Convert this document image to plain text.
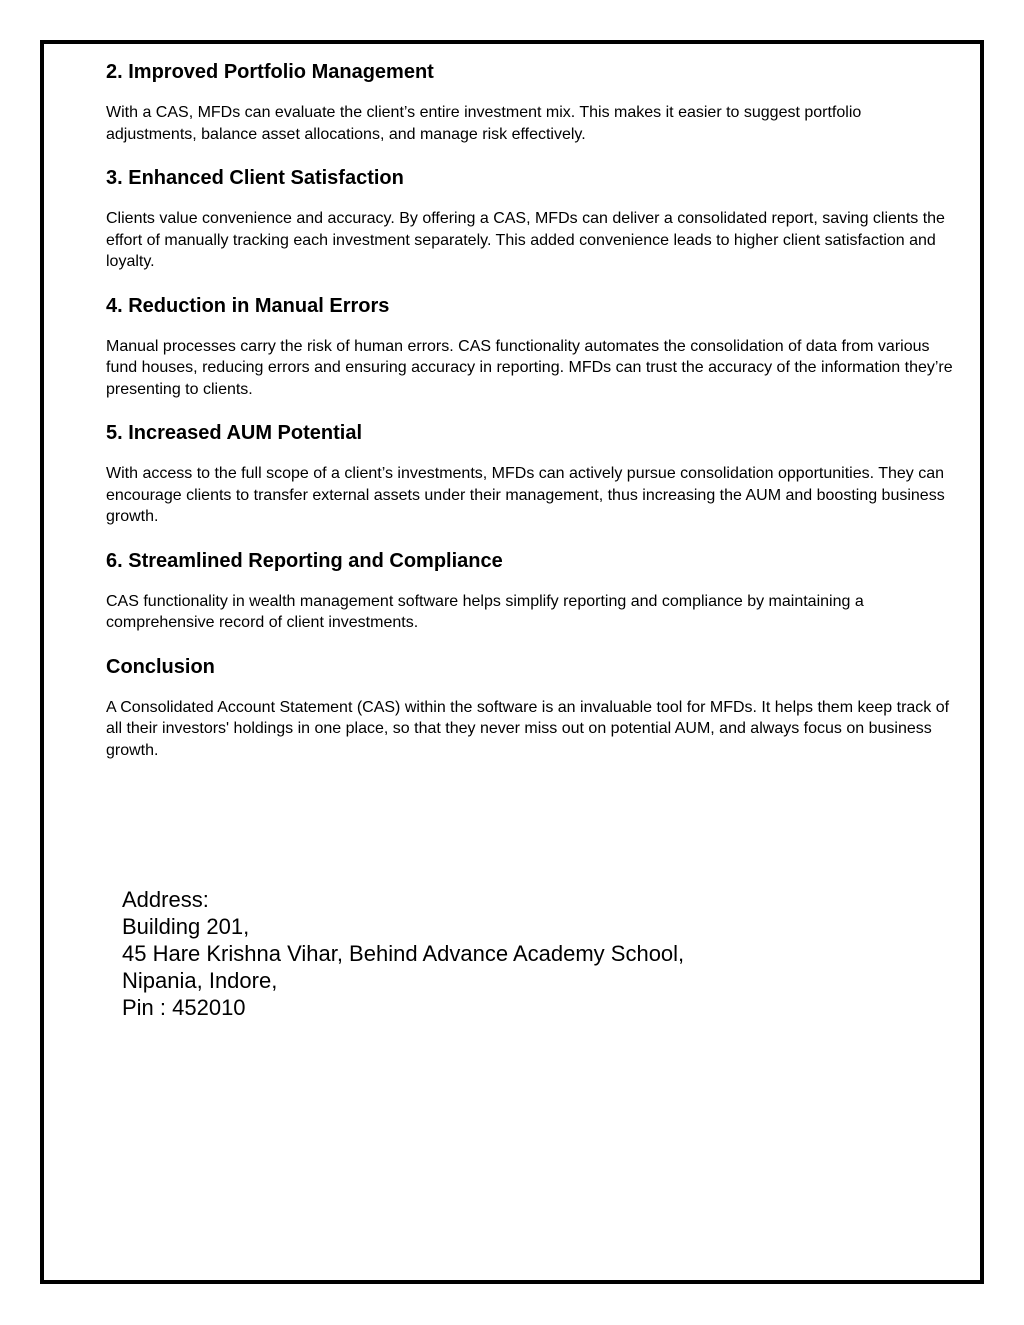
2. Improved Portfolio Management

With a CAS, MFDs can evaluate the client’s entire investment mix. This makes it easier to suggest portfolio adjustments, balance asset allocations, and manage risk effectively.

3. Enhanced Client Satisfaction

Clients value convenience and accuracy. By offering a CAS, MFDs can deliver a consolidated report, saving clients the effort of manually tracking each investment separately. This added convenience leads to higher client satisfaction and loyalty.

4. Reduction in Manual Errors

Manual processes carry the risk of human errors. CAS functionality automates the consolidation of data from various fund houses, reducing errors and ensuring accuracy in reporting. MFDs can trust the accuracy of the information they’re presenting to clients.

5. Increased AUM Potential

With access to the full scope of a client’s investments, MFDs can actively pursue consolidation opportunities. They can encourage clients to transfer external assets under their management, thus increasing the AUM and boosting business growth.

6. Streamlined Reporting and Compliance

CAS functionality in wealth management software helps simplify reporting and compliance by maintaining a comprehensive record of client investments.

Conclusion

A Consolidated Account Statement (CAS) within the software is an invaluable tool for MFDs. It helps them keep track of all their investors' holdings in one place, so that they never miss out on potential AUM, and always focus on business growth.

Address:
Building 201,
45 Hare Krishna Vihar, Behind Advance Academy School,
Nipania, Indore,
Pin : 452010
